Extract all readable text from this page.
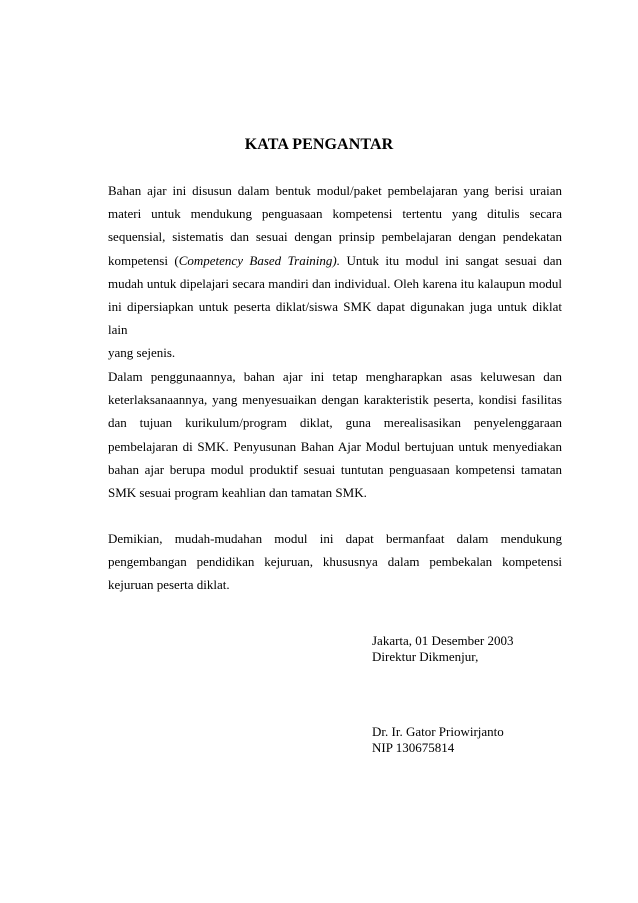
KATA PENGANTAR
Bahan ajar ini disusun dalam bentuk modul/paket pembelajaran yang berisi uraian
materi untuk mendukung penguasaan kompetensi tertentu yang ditulis secara
sequensial, sistematis dan sesuai dengan prinsip pembelajaran dengan pendekatan
kompetensi (Competency Based Training). Untuk itu modul ini sangat sesuai dan
mudah untuk dipelajari secara mandiri dan individual. Oleh karena itu kalaupun modul
ini dipersiapkan untuk peserta diklat/siswa SMK dapat digunakan juga untuk diklat lain
yang sejenis.
Dalam penggunaannya, bahan ajar ini tetap mengharapkan asas keluwesan dan
keterlaksanaannya, yang menyesuaikan dengan karakteristik peserta, kondisi fasilitas
dan tujuan kurikulum/program diklat, guna merealisasikan penyelenggaraan
pembelajaran di SMK. Penyusunan Bahan Ajar Modul bertujuan untuk menyediakan
bahan ajar berupa modul produktif sesuai tuntutan penguasaan kompetensi tamatan
SMK sesuai program keahlian dan tamatan SMK.
Demikian, mudah-mudahan modul ini dapat bermanfaat dalam mendukung
pengembangan pendidikan kejuruan, khususnya dalam pembekalan kompetensi
kejuruan peserta diklat.
Jakarta, 01 Desember 2003
Direktur Dikmenjur,
Dr. Ir. Gator Priowirjanto
NIP 130675814
